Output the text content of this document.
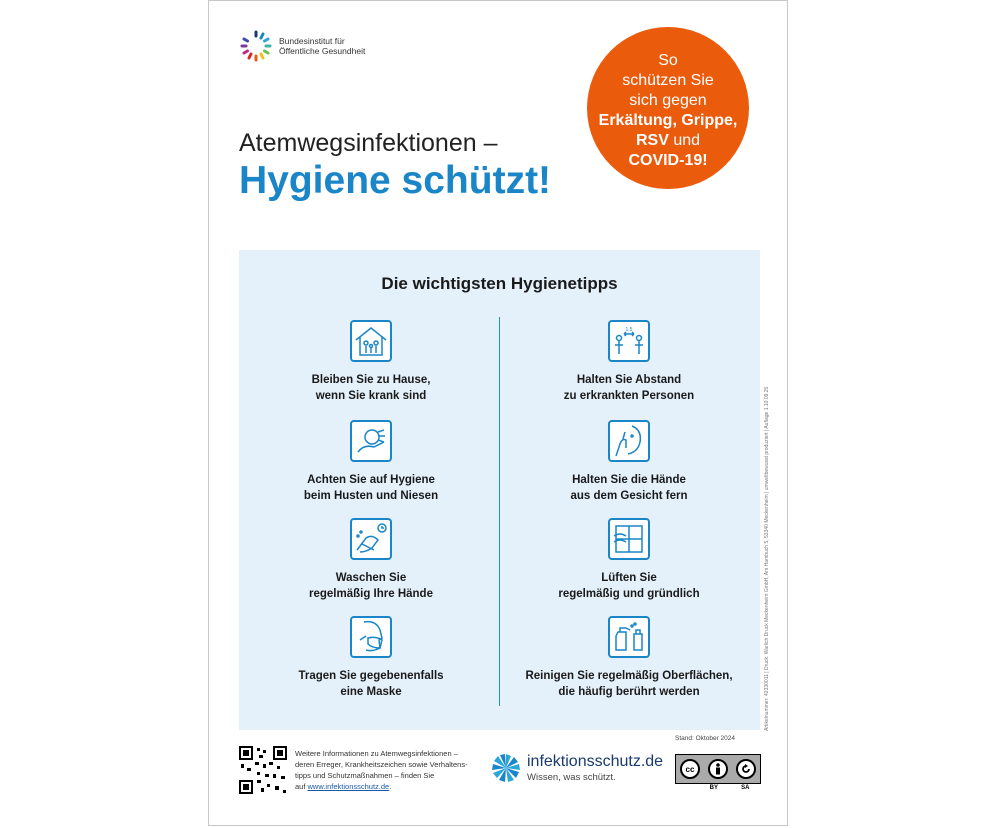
Bundesinstitut für
Öffentliche Gesundheit
So
schützen Sie
sich gegen
Erkältung, Grippe,
RSV und
COVID-19!
Atemwegsinfektionen –
Hygiene schützt!
Die wichtigsten Hygienetipps
Bleiben Sie zu Hause,
wenn Sie krank sind
Achten Sie auf Hygiene
beim Husten und Niesen
Waschen Sie
regelmäßig Ihre Hände
Tragen Sie gegebenenfalls
eine Maske
1,5
Halten Sie Abstand
zu erkrankten Personen
Halten Sie die Hände
aus dem Gesicht fern
Lüften Sie
regelmäßig und gründlich
Reinigen Sie regelmäßig Oberflächen,
die häufig berührt werden
Stand: Oktober 2024
Artikelnummer: 42330011 | Druck: Warlich Druck Meckenheim GmbH, Am Hambuch 5, 53340 Meckenheim | umweltbewusst produziert | Auflage 1.10.09.25
Weitere Informationen zu Atemwegsinfektionen –
deren Erreger, Krankheitszeichen sowie Verhaltens-
tipps und Schutzmaßnahmen – finden Sie
auf www.infektionsschutz.de.
infektionsschutz.de
Wissen, was schützt.
cc
BY	SA
